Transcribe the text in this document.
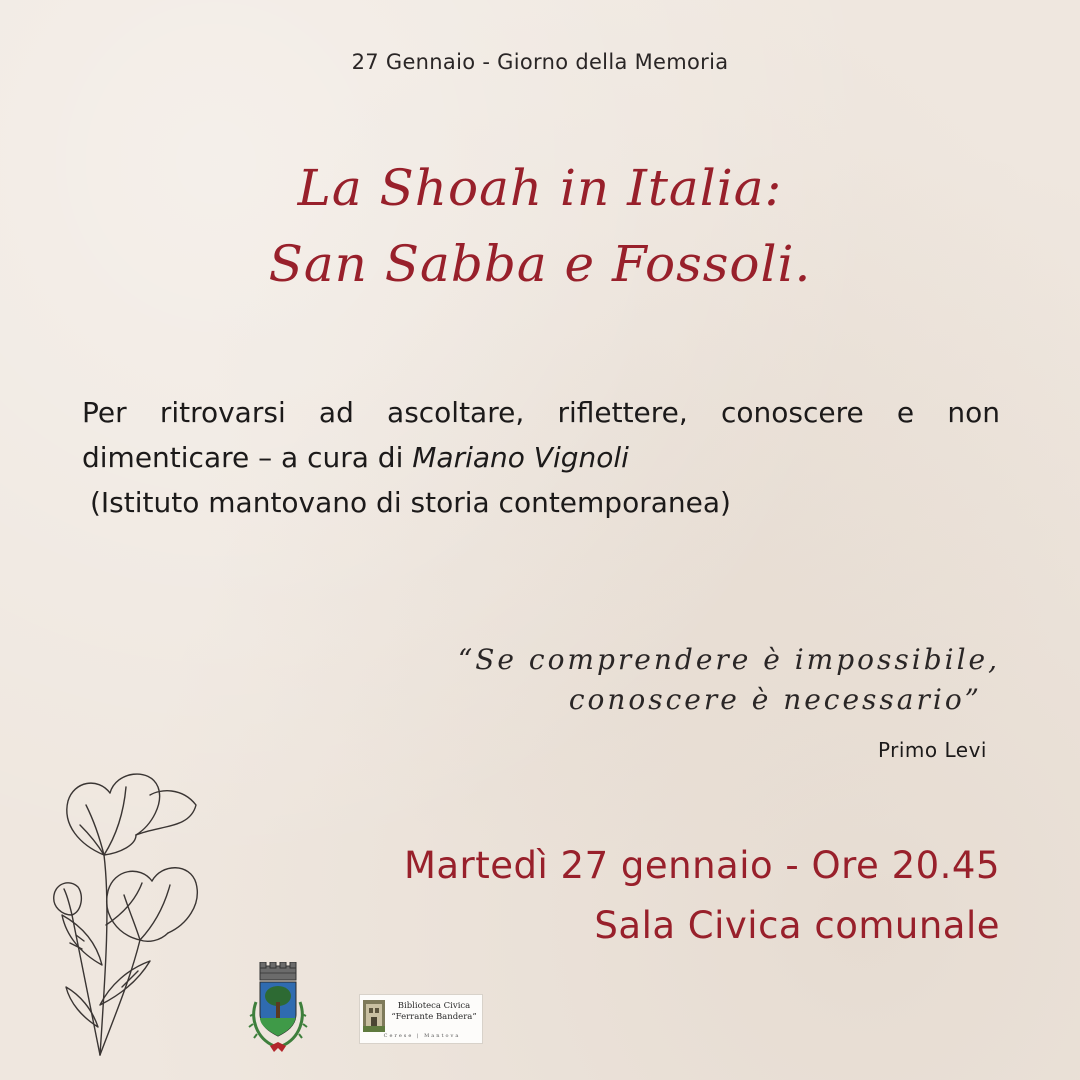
27 Gennaio - Giorno della Memoria
La Shoah in Italia:
San Sabba e Fossoli.
Per ritrovarsi ad ascoltare, riflettere, conoscere e non
dimenticare – a cura di Mariano Vignoli
(Istituto mantovano di storia contemporanea)
“Se comprendere è impossibile,
conoscere è necessario”
Primo Levi
Martedì 27 gennaio - Ore 20.45
Sala Civica comunale
Biblioteca Civica
“Ferrante Bandera”
Cerese | Mantova
